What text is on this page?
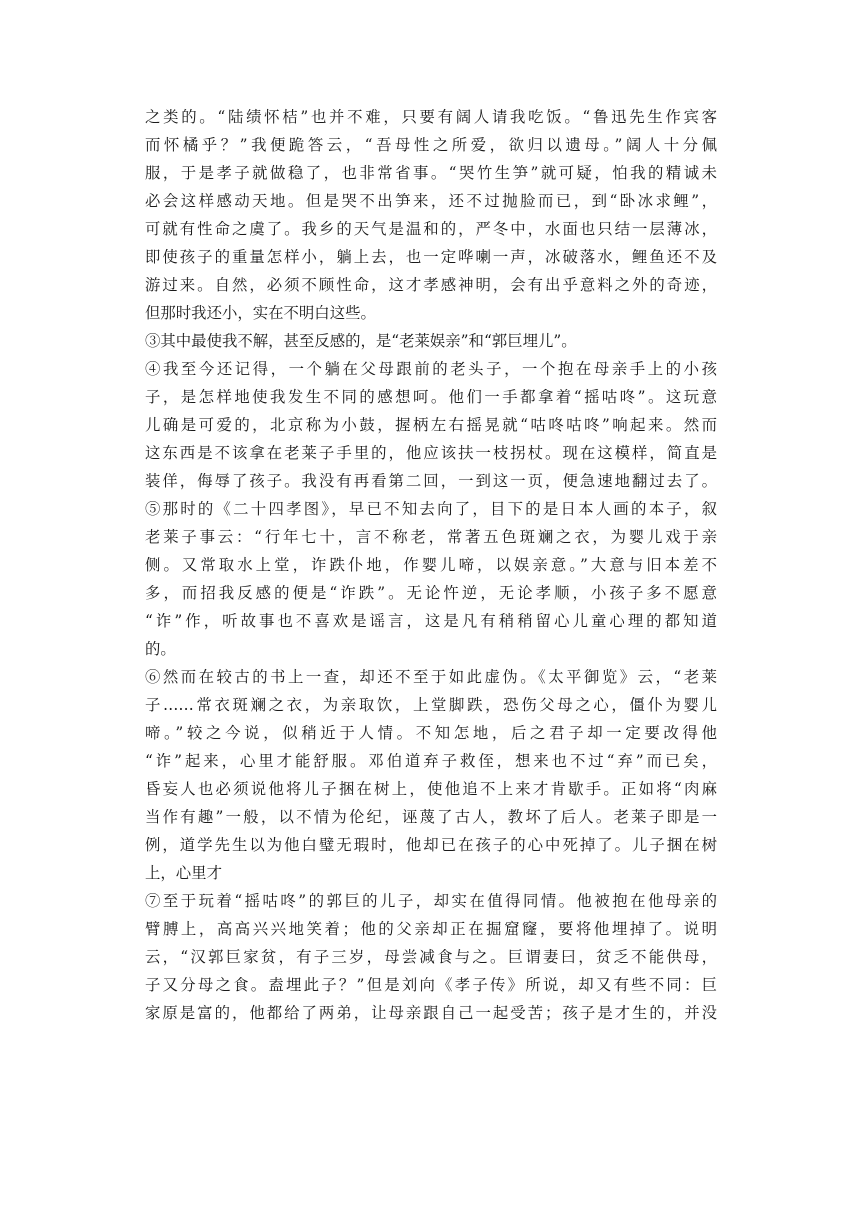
之类的。“陆绩怀桔”也并不难，只要有阔人请我吃饭。“鲁迅先生作宾客
而怀橘乎？”我便跪答云，“吾母性之所爱，欲归以遗母。”阔人十分佩
服，于是孝子就做稳了，也非常省事。“哭竹生笋”就可疑，怕我的精诚未
必会这样感动天地。但是哭不出笋来，还不过抛脸而已，到“卧冰求鲤”，
可就有性命之虞了。我乡的天气是温和的，严冬中，水面也只结一层薄冰，
即使孩子的重量怎样小，躺上去，也一定哗喇一声，冰破落水，鲤鱼还不及
游过来。自然，必须不顾性命，这才孝感神明，会有出乎意料之外的奇迹，
但那时我还小，实在不明白这些。
③其中最使我不解，甚至反感的，是“老莱娱亲”和“郭巨埋儿”。
④我至今还记得，一个躺在父母跟前的老头子，一个抱在母亲手上的小孩
子，是怎样地使我发生不同的感想呵。他们一手都拿着“摇咕咚”。这玩意
儿确是可爱的，北京称为小鼓，握柄左右摇晃就“咕咚咕咚”响起来。然而
这东西是不该拿在老莱子手里的，他应该扶一枝拐杖。现在这模样，简直是
装佯，侮辱了孩子。我没有再看第二回，一到这一页，便急速地翻过去了。
⑤那时的《二十四孝图》，早已不知去向了，目下的是日本人画的本子，叙
老莱子事云：“行年七十，言不称老，常著五色斑斓之衣，为婴儿戏于亲
侧。又常取水上堂，诈跌仆地，作婴儿啼，以娱亲意。”大意与旧本差不
多，而招我反感的便是“诈跌”。无论忤逆，无论孝顺，小孩子多不愿意
“诈”作，听故事也不喜欢是谣言，这是凡有稍稍留心儿童心理的都知道
的。
⑥然而在较古的书上一查，却还不至于如此虚伪。《太平御览》云，“老莱
子……常衣斑斓之衣，为亲取饮，上堂脚跌，恐伤父母之心，僵仆为婴儿
啼。”较之今说，似稍近于人情。不知怎地，后之君子却一定要改得他
“诈”起来，心里才能舒服。邓伯道弃子救侄，想来也不过“弃”而已矣，
昏妄人也必须说他将儿子捆在树上，使他追不上来才肯歇手。正如将“肉麻
当作有趣”一般，以不情为伦纪，诬蔑了古人，教坏了后人。老莱子即是一
例，道学先生以为他白璧无瑕时，他却已在孩子的心中死掉了。儿子捆在树
上，心里才
⑦至于玩着“摇咕咚”的郭巨的儿子，却实在值得同情。他被抱在他母亲的
臂膊上，高高兴兴地笑着；他的父亲却正在掘窟窿，要将他埋掉了。说明
云，“汉郭巨家贫，有子三岁，母尝减食与之。巨谓妻曰，贫乏不能供母，
子又分母之食。盍埋此子？”但是刘向《孝子传》所说，却又有些不同：巨
家原是富的，他都给了两弟，让母亲跟自己一起受苦；孩子是才生的，并没
